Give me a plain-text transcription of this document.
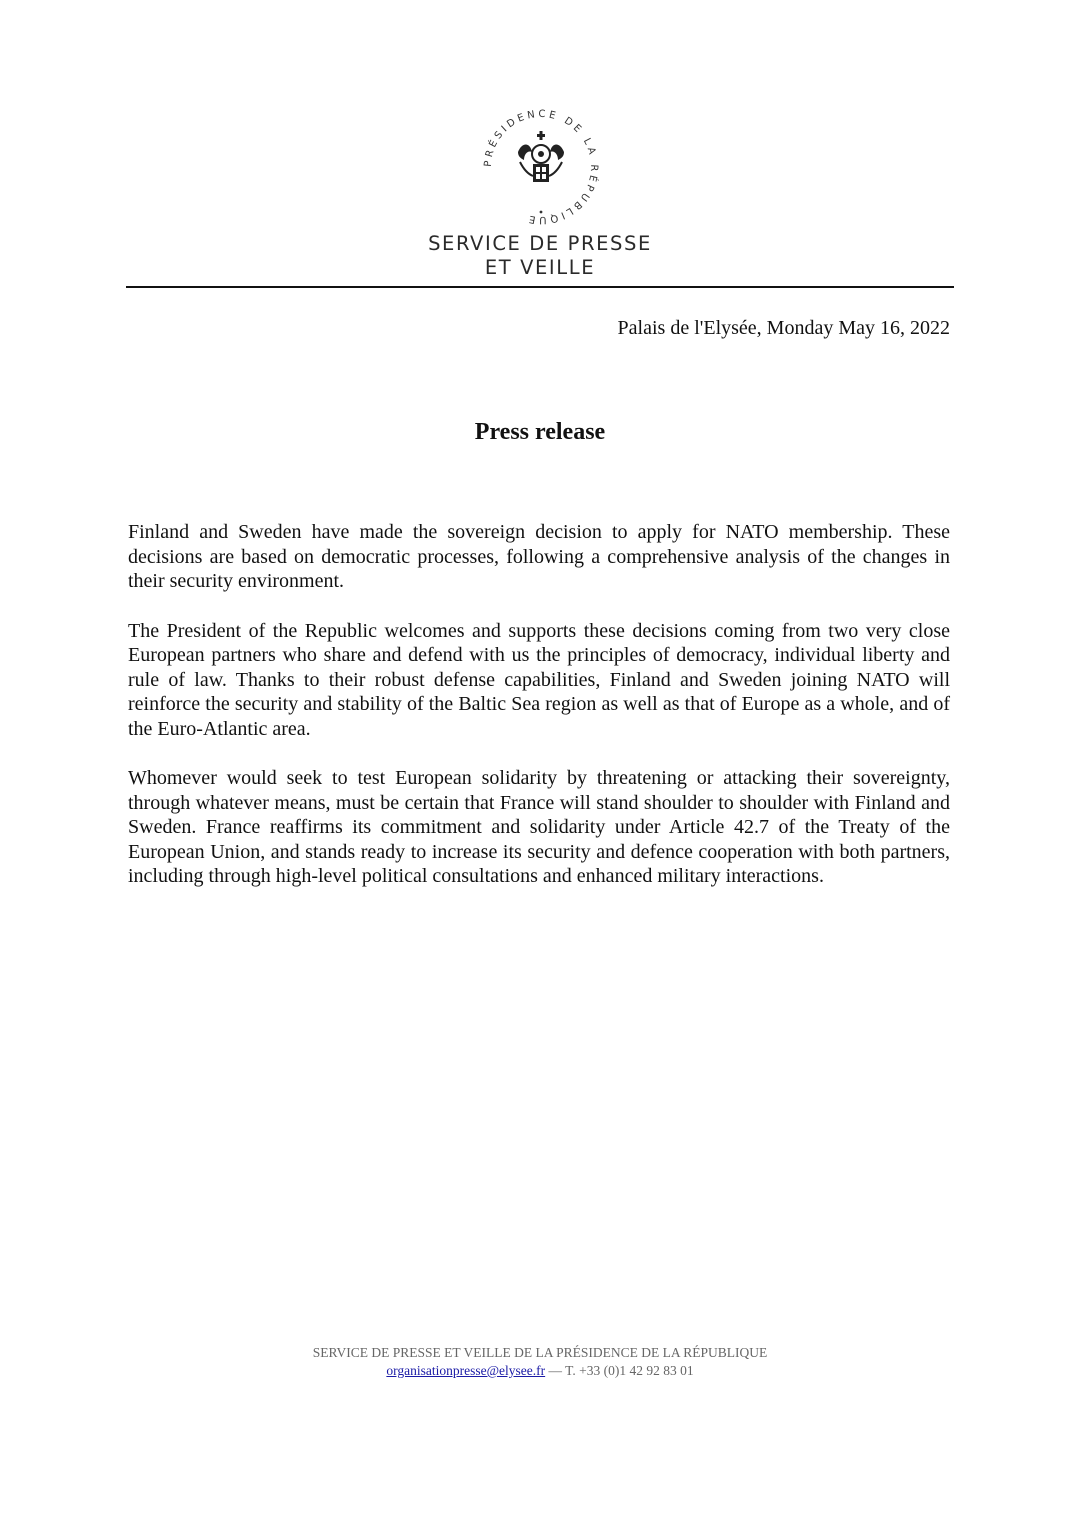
PRÉSIDENCE DE LA RÉPUBLIQUE
SERVICE DE PRESSE
ET VEILLE
Palais de l'Elysée, Monday May 16, 2022
Press release

Finland and Sweden have made the sovereign decision to apply for NATO membership. These decisions are based on democratic processes, following a comprehensive analysis of the changes in their security environment.

The President of the Republic welcomes and supports these decisions coming from two very close European partners who share and defend with us the principles of democracy, individual liberty and rule of law. Thanks to their robust defense capabilities, Finland and Sweden joining NATO will reinforce the security and stability of the Baltic Sea region as well as that of Europe as a whole, and of the Euro-Atlantic area.

Whomever would seek to test European solidarity by threatening or attacking their sovereignty, through whatever means, must be certain that France will stand shoulder to shoulder with Finland and Sweden. France reaffirms its commitment and solidarity under Article 42.7 of the Treaty of the European Union, and stands ready to increase its security and defence cooperation with both partners, including through high-level political consultations and enhanced military interactions.

SERVICE DE PRESSE ET VEILLE DE LA PRÉSIDENCE DE LA RÉPUBLIQUE
organisationpresse@elysee.fr — T. +33 (0)1 42 92 83 01
